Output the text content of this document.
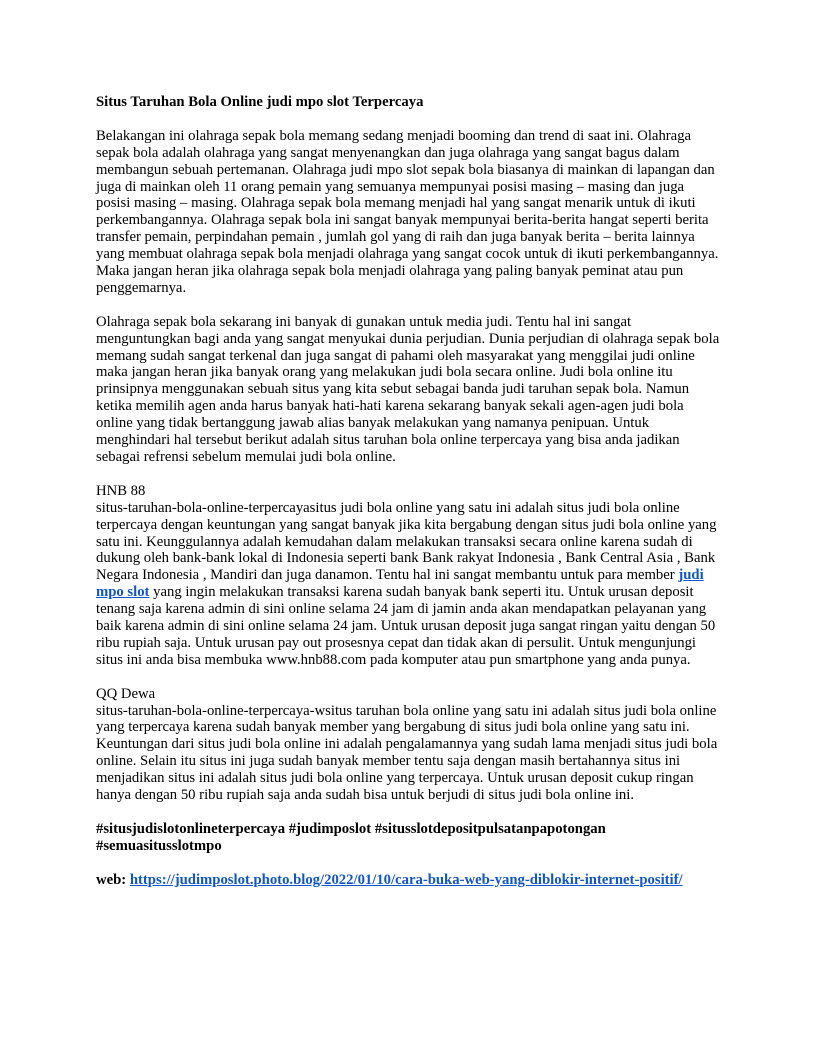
Situs Taruhan Bola Online judi mpo slot Terpercaya

Belakangan ini olahraga sepak bola memang sedang menjadi booming dan trend di saat ini. Olahraga sepak bola adalah olahraga yang sangat menyenangkan dan juga olahraga yang sangat bagus dalam membangun sebuah pertemanan. Olahraga judi mpo slot sepak bola biasanya di mainkan di lapangan dan juga di mainkan oleh 11 orang pemain yang semuanya mempunyai posisi masing – masing dan juga posisi masing – masing. Olahraga sepak bola memang menjadi hal yang sangat menarik untuk di ikuti perkembangannya. Olahraga sepak bola ini sangat banyak mempunyai berita-berita hangat seperti berita transfer pemain, perpindahan pemain , jumlah gol yang di raih dan juga banyak berita – berita lainnya yang membuat olahraga sepak bola menjadi olahraga yang sangat cocok untuk di ikuti perkembangannya. Maka jangan heran jika olahraga sepak bola menjadi olahraga yang paling banyak peminat atau pun penggemarnya.

Olahraga sepak bola sekarang ini banyak di gunakan untuk media judi. Tentu hal ini sangat menguntungkan bagi anda yang sangat menyukai dunia perjudian. Dunia perjudian di olahraga sepak bola memang sudah sangat terkenal dan juga sangat di pahami oleh masyarakat yang menggilai judi online maka jangan heran jika banyak orang yang melakukan judi bola secara online. Judi bola online itu prinsipnya menggunakan sebuah situs yang kita sebut sebagai banda judi taruhan sepak bola. Namun ketika memilih agen anda harus banyak hati-hati karena sekarang banyak sekali agen-agen judi bola online yang tidak bertanggung jawab alias banyak melakukan yang namanya penipuan. Untuk menghindari hal tersebut berikut adalah situs taruhan bola online terpercaya yang bisa anda jadikan sebagai refrensi sebelum memulai judi bola online.

HNB 88
situs-taruhan-bola-online-terpercayasitus judi bola online yang satu ini adalah situs judi bola online terpercaya dengan keuntungan yang sangat banyak jika kita bergabung dengan situs judi bola online yang satu ini. Keunggulannya adalah kemudahan dalam melakukan transaksi secara online karena sudah di dukung oleh bank-bank lokal di Indonesia seperti bank Bank rakyat Indonesia , Bank Central Asia , Bank Negara Indonesia , Mandiri dan juga danamon. Tentu hal ini sangat membantu untuk para member judi mpo slot yang ingin melakukan transaksi karena sudah banyak bank seperti itu. Untuk urusan deposit tenang saja karena admin di sini online selama 24 jam di jamin anda akan mendapatkan pelayanan yang baik karena admin di sini online selama 24 jam. Untuk urusan deposit juga sangat ringan yaitu dengan 50 ribu rupiah saja. Untuk urusan pay out prosesnya cepat dan tidak akan di persulit. Untuk mengunjungi situs ini anda bisa membuka www.hnb88.com pada komputer atau pun smartphone yang anda punya.

QQ Dewa
situs-taruhan-bola-online-terpercaya-wsitus taruhan bola online yang satu ini adalah situs judi bola online yang terpercaya karena sudah banyak member yang bergabung di situs judi bola online yang satu ini. Keuntungan dari situs judi bola online ini adalah pengalamannya yang sudah lama menjadi situs judi bola online. Selain itu situs ini juga sudah banyak member tentu saja dengan masih bertahannya situs ini menjadikan situs ini adalah situs judi bola online yang terpercaya. Untuk urusan deposit cukup ringan hanya dengan 50 ribu rupiah saja anda sudah bisa untuk berjudi di situs judi bola online ini.

#situsjudislotonlineterpercaya #judimposlot #situsslotdepositpulsatanpapotongan #semuasitusslotmpo
web: https://judimposlot.photo.blog/2022/01/10/cara-buka-web-yang-diblokir-internet-positif/
